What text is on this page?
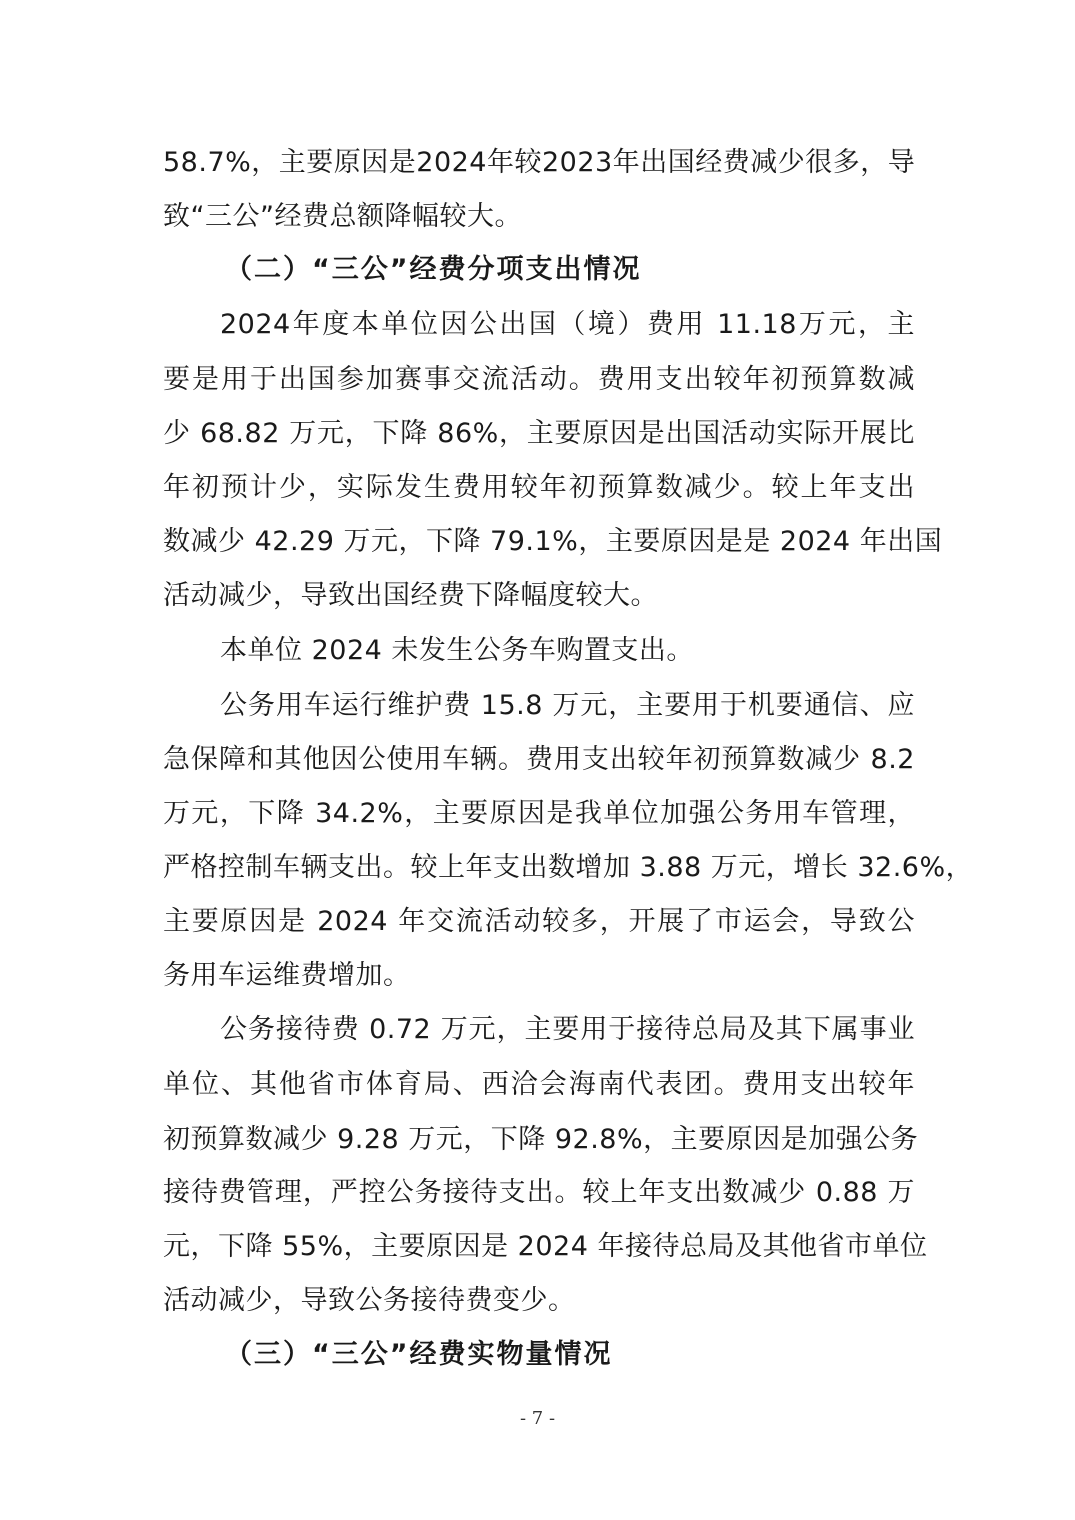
58.7%，主要原因是2024年较2023年出国经费减少很多，导
致“三公”经费总额降幅较大。
（二）“三公”经费分项支出情况
2024年度本单位因公出国（境）费用 11.18万元，主
要是用于出国参加赛事交流活动。费用支出较年初预算数减
少 68.82 万元，下降 86%，主要原因是出国活动实际开展比
年初预计少，实际发生费用较年初预算数减少。较上年支出
数减少 42.29 万元，下降 79.1%，主要原因是是 2024 年出国
活动减少，导致出国经费下降幅度较大。
本单位 2024 未发生公务车购置支出。
公务用车运行维护费 15.8 万元，主要用于机要通信、应
急保障和其他因公使用车辆。费用支出较年初预算数减少 8.2
万元，下降 34.2%，主要原因是我单位加强公务用车管理，
严格控制车辆支出。较上年支出数增加 3.88 万元，增长 32.6%，
主要原因是 2024 年交流活动较多，开展了市运会，导致公
务用车运维费增加。
公务接待费 0.72 万元，主要用于接待总局及其下属事业
单位、其他省市体育局、西洽会海南代表团。费用支出较年
初预算数减少 9.28 万元，下降 92.8%，主要原因是加强公务
接待费管理，严控公务接待支出。较上年支出数减少 0.88 万
元，下降 55%，主要原因是 2024 年接待总局及其他省市单位
活动减少，导致公务接待费变少。
（三）“三公”经费实物量情况
- 7 -
